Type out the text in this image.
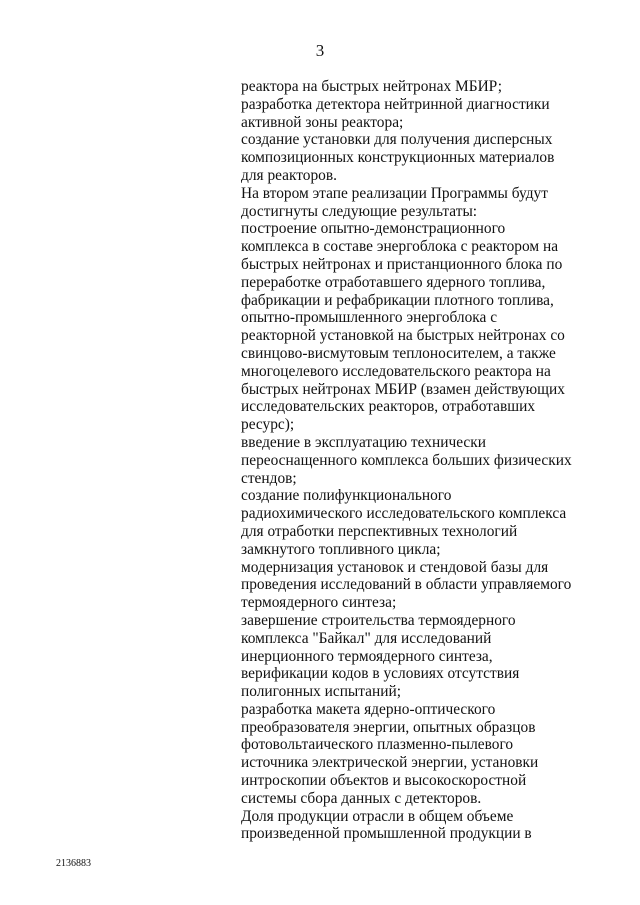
3
реактора на быстрых нейтронах МБИР;
разработка детектора нейтринной диагностики
активной зоны реактора;
создание установки для получения дисперсных
композиционных конструкционных материалов
для реакторов.
На втором этапе реализации Программы будут
достигнуты следующие результаты:
построение опытно-демонстрационного
комплекса в составе энергоблока с реактором на
быстрых нейтронах и пристанционного блока по
переработке отработавшего ядерного топлива,
фабрикации и рефабрикации плотного топлива,
опытно-промышленного энергоблока с
реакторной установкой на быстрых нейтронах со
свинцово-висмутовым теплоносителем, а также
многоцелевого исследовательского реактора на
быстрых нейтронах МБИР (взамен действующих
исследовательских реакторов, отработавших
ресурс);
введение в эксплуатацию технически
переоснащенного комплекса больших физических
стендов;
создание полифункционального
радиохимического исследовательского комплекса
для отработки перспективных технологий
замкнутого топливного цикла;
модернизация установок и стендовой базы для
проведения исследований в области управляемого
термоядерного синтеза;
завершение строительства термоядерного
комплекса "Байкал" для исследований
инерционного термоядерного синтеза,
верификации кодов в условиях отсутствия
полигонных испытаний;
разработка макета ядерно-оптического
преобразователя энергии, опытных образцов
фотовольтаического плазменно-пылевого
источника электрической энергии, установки
интроскопии объектов и высокоскоростной
системы сбора данных с детекторов.
Доля продукции отрасли в общем объеме
произведенной промышленной продукции в
2136883
